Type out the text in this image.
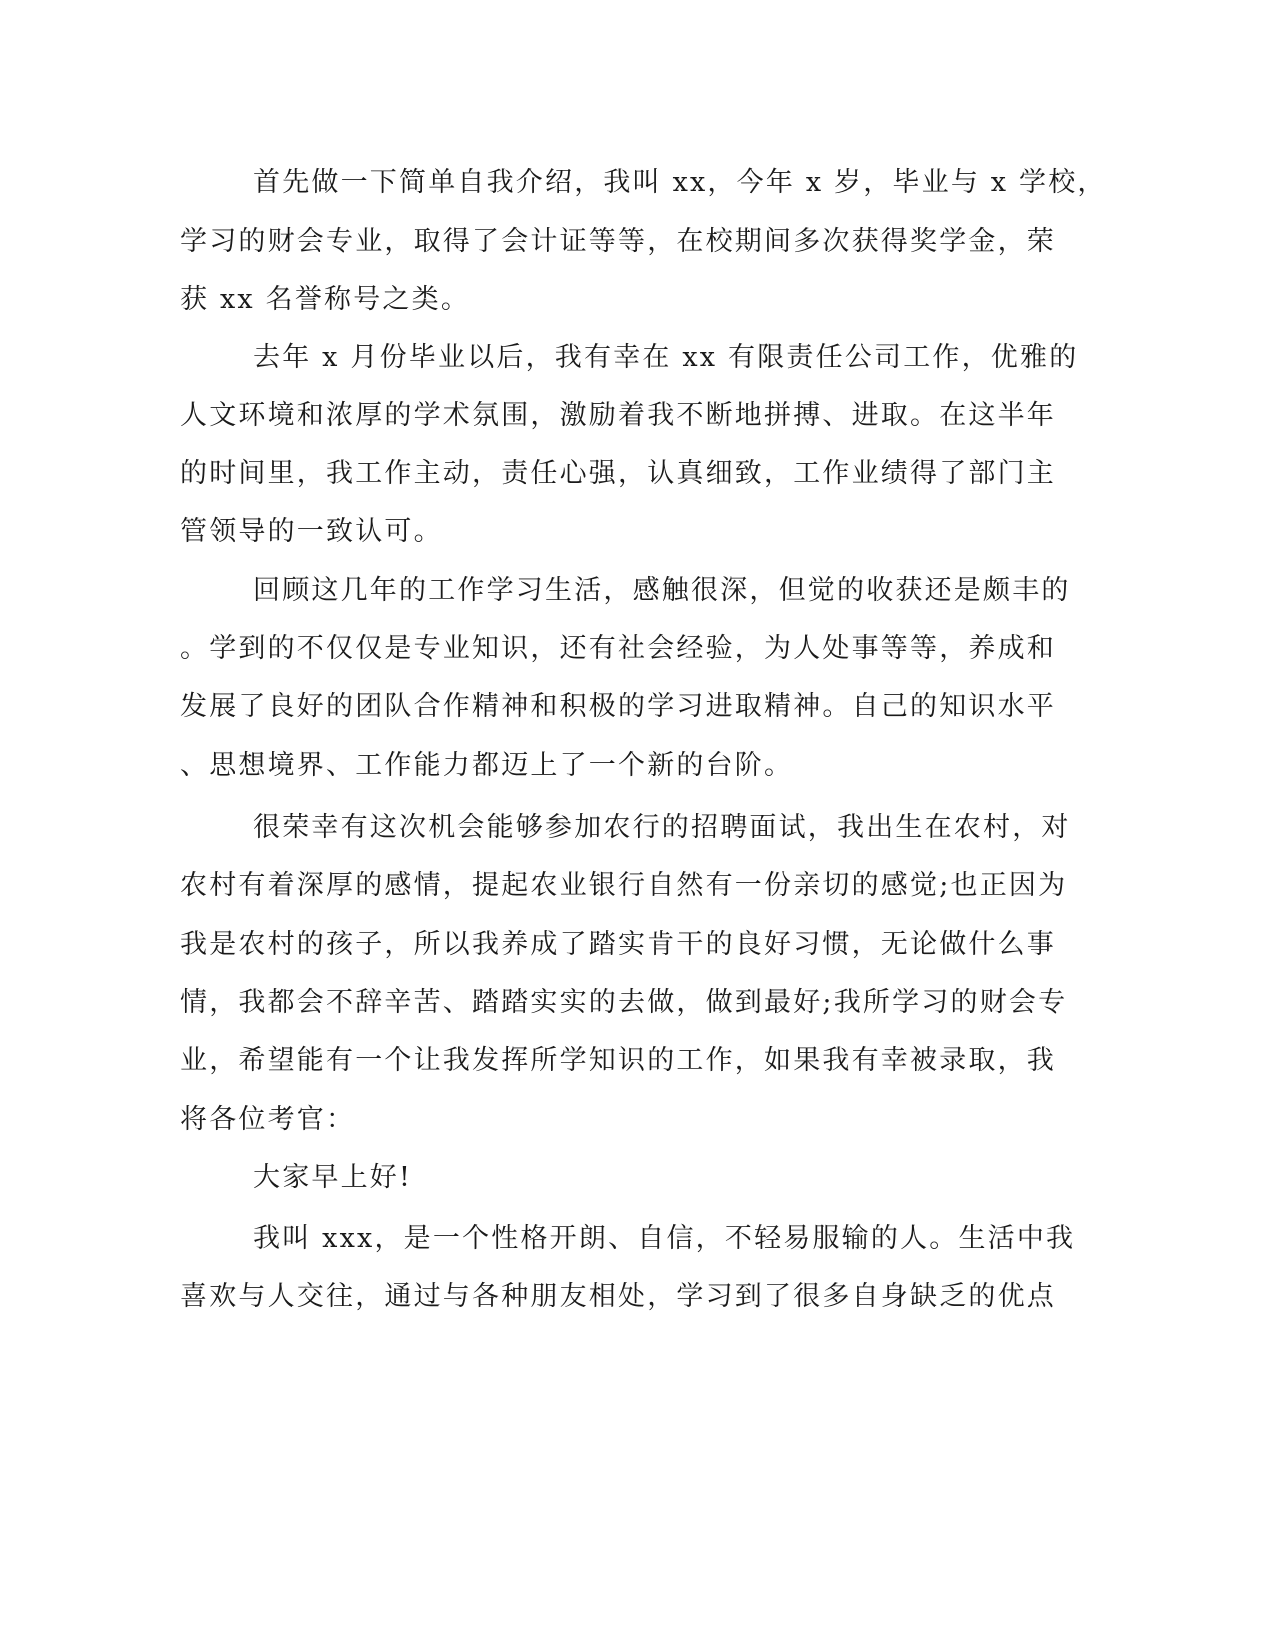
首先做一下简单自我介绍，我叫 xx，今年 x 岁，毕业与 x 学校，

学习的财会专业，取得了会计证等等，在校期间多次获得奖学金，荣

获 xx 名誉称号之类。

去年 x 月份毕业以后，我有幸在 xx 有限责任公司工作，优雅的

人文环境和浓厚的学术氛围，激励着我不断地拼搏、进取。在这半年

的时间里，我工作主动，责任心强，认真细致，工作业绩得了部门主

管领导的一致认可。

回顾这几年的工作学习生活，感触很深，但觉的收获还是颇丰的

。学到的不仅仅是专业知识，还有社会经验，为人处事等等，养成和

发展了良好的团队合作精神和积极的学习进取精神。自己的知识水平

、思想境界、工作能力都迈上了一个新的台阶。

很荣幸有这次机会能够参加农行的招聘面试，我出生在农村，对

农村有着深厚的感情，提起农业银行自然有一份亲切的感觉;也正因为

我是农村的孩子，所以我养成了踏实肯干的良好习惯，无论做什么事

情，我都会不辞辛苦、踏踏实实的去做，做到最好;我所学习的财会专

业，希望能有一个让我发挥所学知识的工作，如果我有幸被录取，我

将各位考官：

大家早上好!

我叫 xxx，是一个性格开朗、自信，不轻易服输的人。生活中我

喜欢与人交往，通过与各种朋友相处，学习到了很多自身缺乏的优点
